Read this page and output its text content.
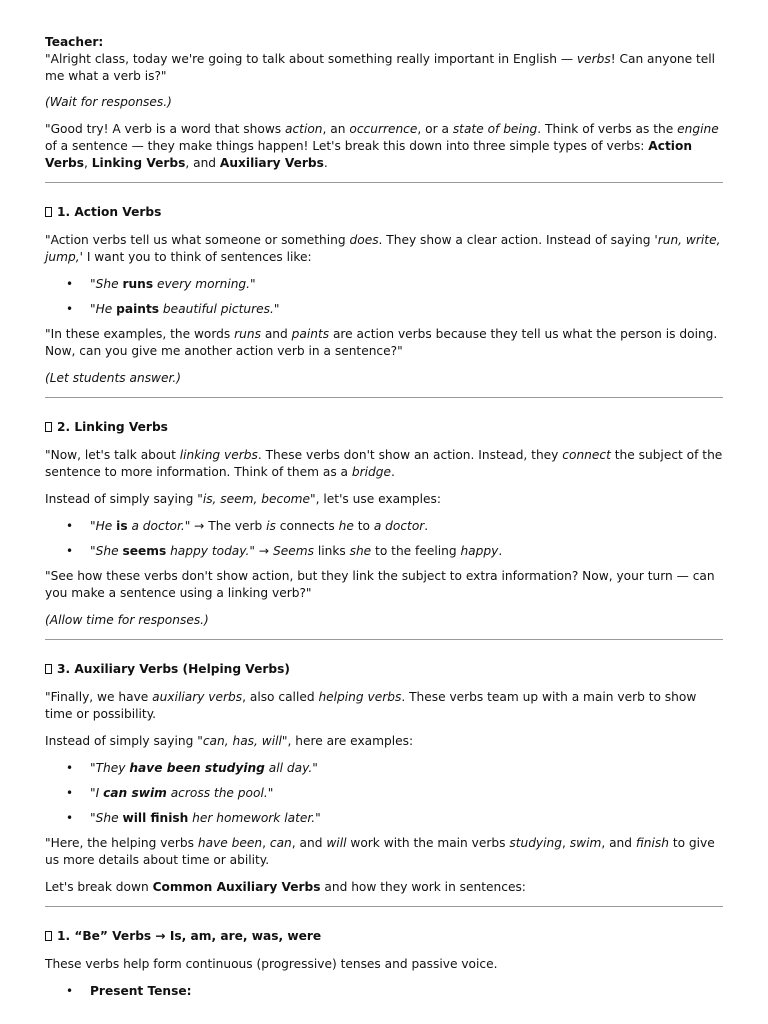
Teacher:

"Alright class, today we're going to talk about something really important in English — verbs! Can anyone tell me what a verb is?"

(Wait for responses.)

"Good try! A verb is a word that shows action, an occurrence, or a state of being. Think of verbs as the engine of a sentence — they make things happen! Let's break this down into three simple types of verbs: Action Verbs, Linking Verbs, and Auxiliary Verbs.

1. Action Verbs

"Action verbs tell us what someone or something does. They show a clear action. Instead of saying 'run, write, jump,' I want you to think of sentences like:

• "She runs every morning."
• "He paints beautiful pictures."

"In these examples, the words runs and paints are action verbs because they tell us what the person is doing. Now, can you give me another action verb in a sentence?"

(Let students answer.)

2. Linking Verbs

"Now, let's talk about linking verbs. These verbs don't show an action. Instead, they connect the subject of the sentence to more information. Think of them as a bridge.

Instead of simply saying "is, seem, become", let's use examples:

• "He is a doctor." → The verb is connects he to a doctor.
• "She seems happy today." → Seems links she to the feeling happy.

"See how these verbs don't show action, but they link the subject to extra information? Now, your turn — can you make a sentence using a linking verb?"

(Allow time for responses.)

3. Auxiliary Verbs (Helping Verbs)

"Finally, we have auxiliary verbs, also called helping verbs. These verbs team up with a main verb to show time or possibility.

Instead of simply saying "can, has, will", here are examples:

• "They have been studying all day."
• "I can swim across the pool."
• "She will finish her homework later."

"Here, the helping verbs have been, can, and will work with the main verbs studying, swim, and finish to give us more details about time or ability.

Let's break down Common Auxiliary Verbs and how they work in sentences:

1. “Be” Verbs → Is, am, are, was, were

These verbs help form continuous (progressive) tenses and passive voice.

• Present Tense:
